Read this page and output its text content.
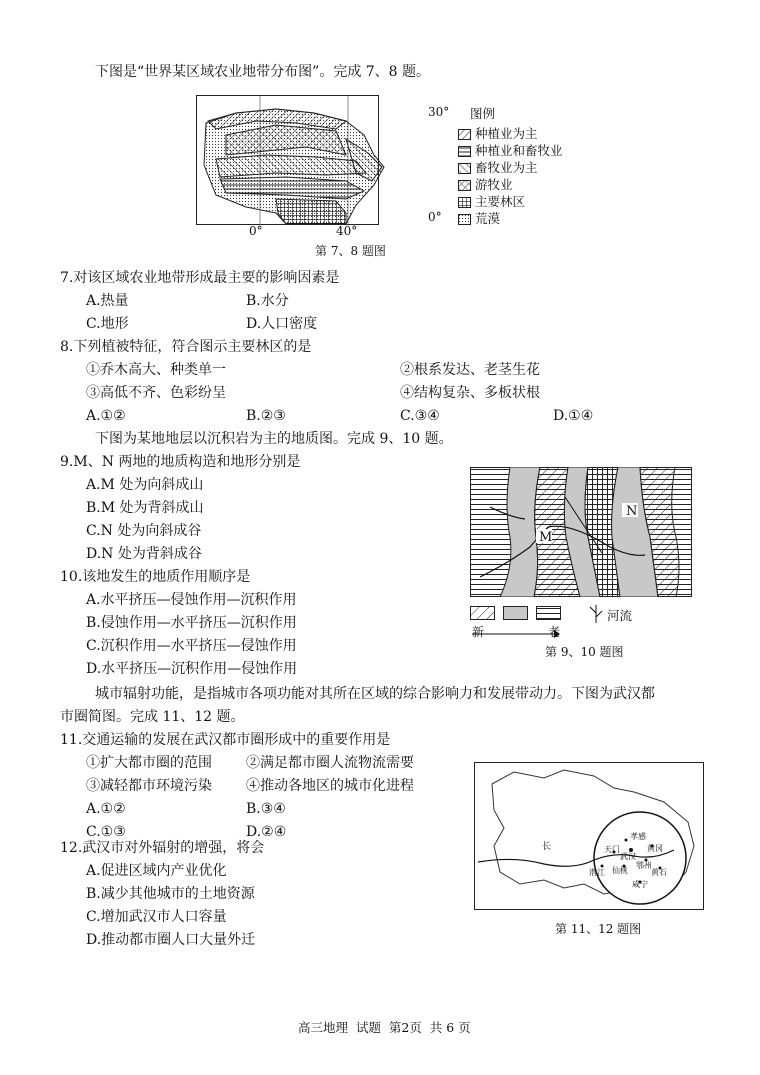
下图是“世界某区域农业地带分布图”。完成 7、8 题。
30°
0°
0°	40°
图例
种植业为主
种植业和畜牧业
畜牧业为主
游牧业
主要林区
荒漠
第 7、8 题图
7.对该区域农业地带形成最主要的影响因素是
A.热量	B.水分
C.地形	D.人口密度
8.下列植被特征，符合图示主要林区的是
①乔木高大、种类单一	②根系发达、老茎生花
③高低不齐、色彩纷呈	④结构复杂、多板状根
A.①②	B.②③	C.③④	D.①④
下图为某地地层以沉积岩为主的地质图。完成 9、10 题。
9.M、N 两地的地质构造和地形分别是
A.M 处为向斜成山
B.M 处为背斜成山
C.N 处为向斜成谷
D.N 处为背斜成谷
M
N
新	老
河流
第 9、10 题图
10.该地发生的地质作用顺序是
A.水平挤压—侵蚀作用—沉积作用
B.侵蚀作用—水平挤压—沉积作用
C.沉积作用—水平挤压—侵蚀作用
D.水平挤压—沉积作用—侵蚀作用
城市辐射功能，是指城市各项功能对其所在区域的综合影响力和发展带动力。下图为武汉都
市圈简图。完成 11、12 题。
11.交通运输的发展在武汉都市圈形成中的重要作用是
①扩大都市圈的范围 ②满足都市圈人流物流需要
③减轻都市环境污染 ④推动各地区的城市化进程
A.①②	B.③④
C.①③	D.②④	孝感
天门
武汉
黄冈
潜江 仙桃
鄂州
黄石
咸宁
长
第 11、12 题图
12.武汉市对外辐射的增强，将会
A.促进区域内产业优化
B.减少其他城市的土地资源
C.增加武汉市人口容量
D.推动都市圈人口大量外迁
高三地理  试题  第2页  共 6 页
